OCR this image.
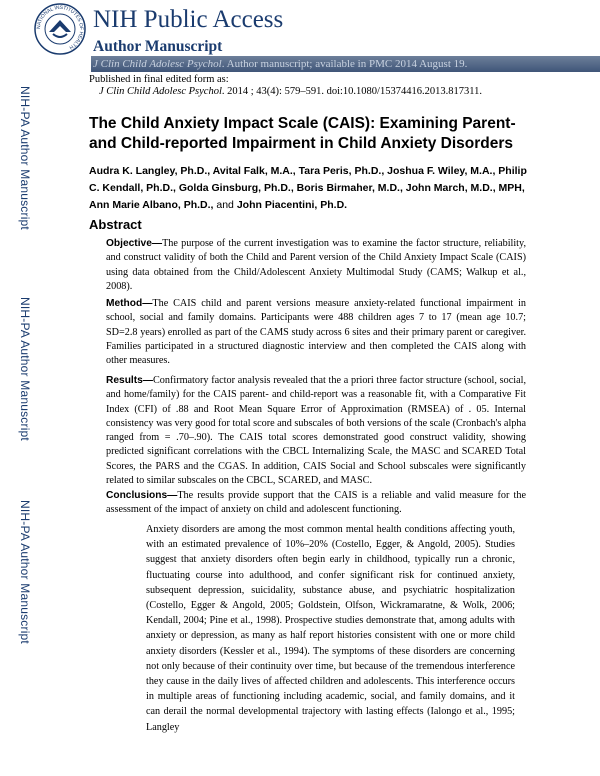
NATIONAL INSTITUTES OF HEALTH
NIH Public Access
Author Manuscript
J Clin Child Adolesc Psychol. Author manuscript; available in PMC 2014 August 19.
Published in final edited form as:
J Clin Child Adolesc Psychol. 2014 ; 43(4): 579–591. doi:10.1080/15374416.2013.817311.
NIH-PA Author Manuscript
NIH-PA Author Manuscript
NIH-PA Author Manuscript
The Child Anxiety Impact Scale (CAIS): Examining Parent- and Child-reported Impairment in Child Anxiety Disorders
Audra K. Langley, Ph.D., Avital Falk, M.A., Tara Peris, Ph.D., Joshua F. Wiley, M.A., Philip C. Kendall, Ph.D., Golda Ginsburg, Ph.D., Boris Birmaher, M.D., John March, M.D., MPH, Ann Marie Albano, Ph.D., and John Piacentini, Ph.D.
Abstract
Objective—The purpose of the current investigation was to examine the factor structure, reliability, and construct validity of both the Child and Parent version of the Child Anxiety Impact Scale (CAIS) using data obtained from the Child/Adolescent Anxiety Multimodal Study (CAMS; Walkup et al., 2008).
Method—The CAIS child and parent versions measure anxiety-related functional impairment in school, social and family domains. Participants were 488 children ages 7 to 17 (mean age 10.7; SD=2.8 years) enrolled as part of the CAMS study across 6 sites and their primary parent or caregiver. Families participated in a structured diagnostic interview and then completed the CAIS along with other measures.
Results—Confirmatory factor analysis revealed that the a priori three factor structure (school, social, and home/family) for the CAIS parent- and child-report was a reasonable fit, with a Comparative Fit Index (CFI) of .88 and Root Mean Square Error of Approximation (RMSEA) of . 05. Internal consistency was very good for total score and subscales of both versions of the scale (Cronbach's alpha ranged from = .70–.90). The CAIS total scores demonstrated good construct validity, showing predicted significant correlations with the CBCL Internalizing Scale, the MASC and SCARED Total Scores, the PARS and the CGAS. In addition, CAIS Social and School subscales were significantly related to similar subscales on the CBCL, SCARED, and MASC.
Conclusions—The results provide support that the CAIS is a reliable and valid measure for the assessment of the impact of anxiety on child and adolescent functioning.
Anxiety disorders are among the most common mental health conditions affecting youth, with an estimated prevalence of 10%–20% (Costello, Egger, & Angold, 2005). Studies suggest that anxiety disorders often begin early in childhood, typically run a chronic, fluctuating course into adulthood, and confer significant risk for continued anxiety, subsequent depression, suicidality, substance abuse, and psychiatric hospitalization (Costello, Egger & Angold, 2005; Goldstein, Olfson, Wickramaratne, & Wolk, 2006; Kendall, 2004; Pine et al., 1998). Prospective studies demonstrate that, among adults with anxiety or depression, as many as half report histories consistent with one or more child anxiety disorders (Kessler et al., 1994). The symptoms of these disorders are concerning not only because of their continuity over time, but because of the tremendous interference they cause in the daily lives of affected children and adolescents. This interference occurs in multiple areas of functioning including academic, social, and family domains, and it can derail the normal developmental trajectory with lasting effects (Ialongo et al., 1995; Langley
